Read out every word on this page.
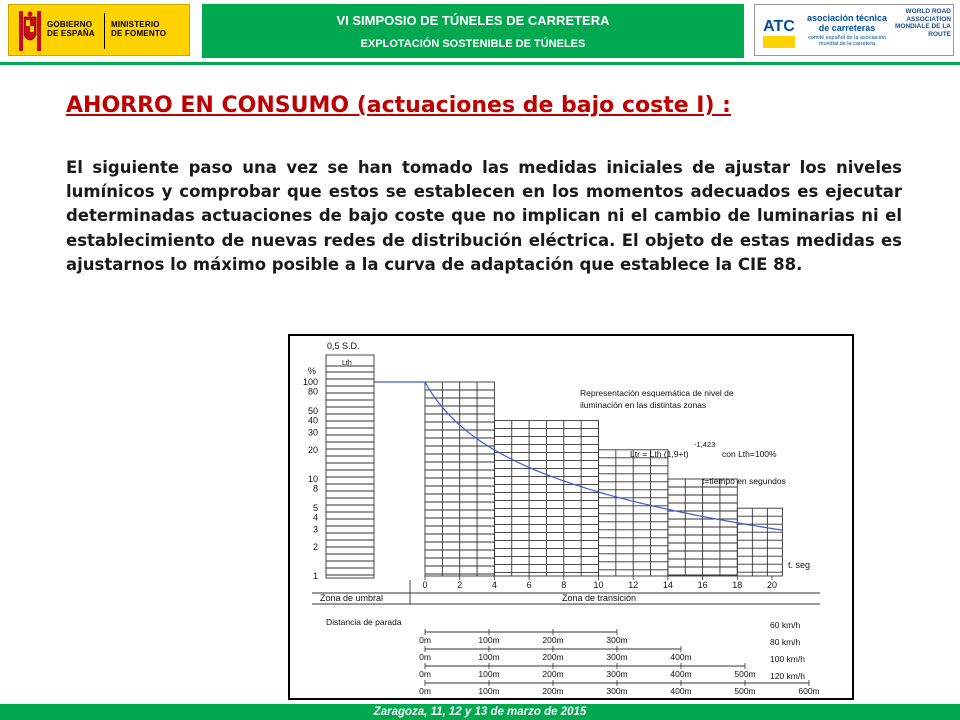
GOBIERNO
DE ESPAÑA
MINISTERIO
DE FOMENTO
VI SIMPOSIO DE TÚNELES DE CARRETERA
EXPLOTACIÓN SOSTENIBLE DE TÚNELES
ATC	asociación técnica de carreteras
comité español de la asociación mundial de la carretera
WORLD ROAD ASSOCIATION MONDIALE DE LA ROUTE
AHORRO EN CONSUMO (actuaciones de bajo coste I) :
El siguiente paso una vez se han tomado las medidas iniciales de ajustar los niveles lumínicos y comprobar que estos se establecen en los momentos adecuados es ejecutar determinadas actuaciones de bajo coste que no implican ni el cambio de luminarias ni el establecimiento de nuevas redes de distribución eléctrica. El objeto de estas medidas es ajustarnos lo máximo posible a la curva de adaptación que establece la CIE 88.
100
80
50
40
30
20
10
8
5
4
3
2
1
%
0,5 S.D.
Lth
Representación esquemática de nivel de
iluminación en las distintas zonas
Ltr = Lth (1,9+t)
-1,423
con Lth=100%
t=tiempo en segundos
0	2	4	6	8	10	12	14	16	18	20
t. seg
Zona de umbral	Zona de transición
Distancia de parada	60 km/h
0m	100m	200m	300m	80 km/h
0m	100m	200m	300m	400m	100 km/h
0m	100m	200m	300m	400m	500m 120 km/h
0m	100m	200m	300m	400m	500m	600m
Zaragoza, 11, 12 y 13 de marzo de 2015
